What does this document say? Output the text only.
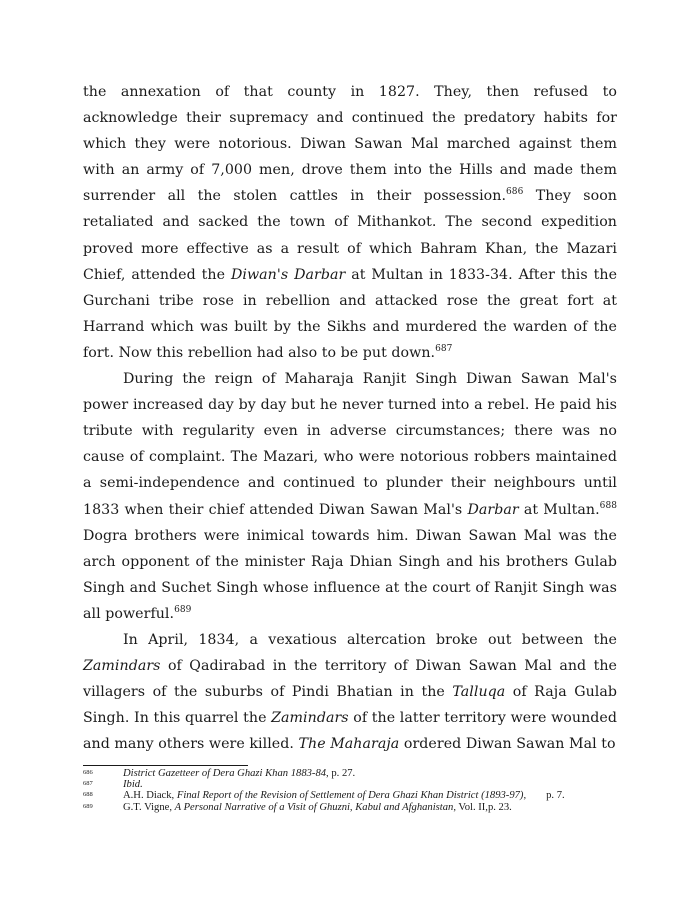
the annexation of that county in 1827. They, then refused to acknowledge their supremacy and continued the predatory habits for which they were notorious. Diwan Sawan Mal marched against them with an army of 7,000 men, drove them into the Hills and made them surrender all the stolen cattles in their possession.$^{686}$ They soon retaliated and sacked the town of Mithankot. The second expedition proved more effective as a result of which Bahram Khan, the Mazari Chief, attended the Diwan's Darbar at Multan in 1833-34. After this the Gurchani tribe rose in rebellion and attacked rose the great fort at Harrand which was built by the Sikhs and murdered the warden of the fort. Now this rebellion had also to be put down.$^{687}$

During the reign of Maharaja Ranjit Singh Diwan Sawan Mal's power increased day by day but he never turned into a rebel. He paid his tribute with regularity even in adverse circumstances; there was no cause of complaint. The Mazari, who were notorious robbers maintained a semi-independence and continued to plunder their neighbours until 1833 when their chief attended Diwan Sawan Mal's Darbar at Multan.$^{688}$ Dogra brothers were inimical towards him. Diwan Sawan Mal was the arch opponent of the minister Raja Dhian Singh and his brothers Gulab Singh and Suchet Singh whose influence at the court of Ranjit Singh was all powerful.$^{689}$

In April, 1834, a vexatious altercation broke out between the Zamindars of Qadirabad in the territory of Diwan Sawan Mal and the villagers of the suburbs of Pindi Bhatian in the Talluqa of Raja Gulab Singh. In this quarrel the Zamindars of the latter territory were wounded and many others were killed. The Maharaja ordered Diwan Sawan Mal to

686	District Gazetteer of Dera Ghazi Khan 1883-84, p. 27.
687	Ibid.
688	A.H. Diack, Final Report of the Revision of Settlement of Dera Ghazi Khan District (1893-97), p. 7.
689	G.T. Vigne, A Personal Narrative of a Visit of Ghuzni, Kabul and Afghanistan, Vol. II,p. 23.
